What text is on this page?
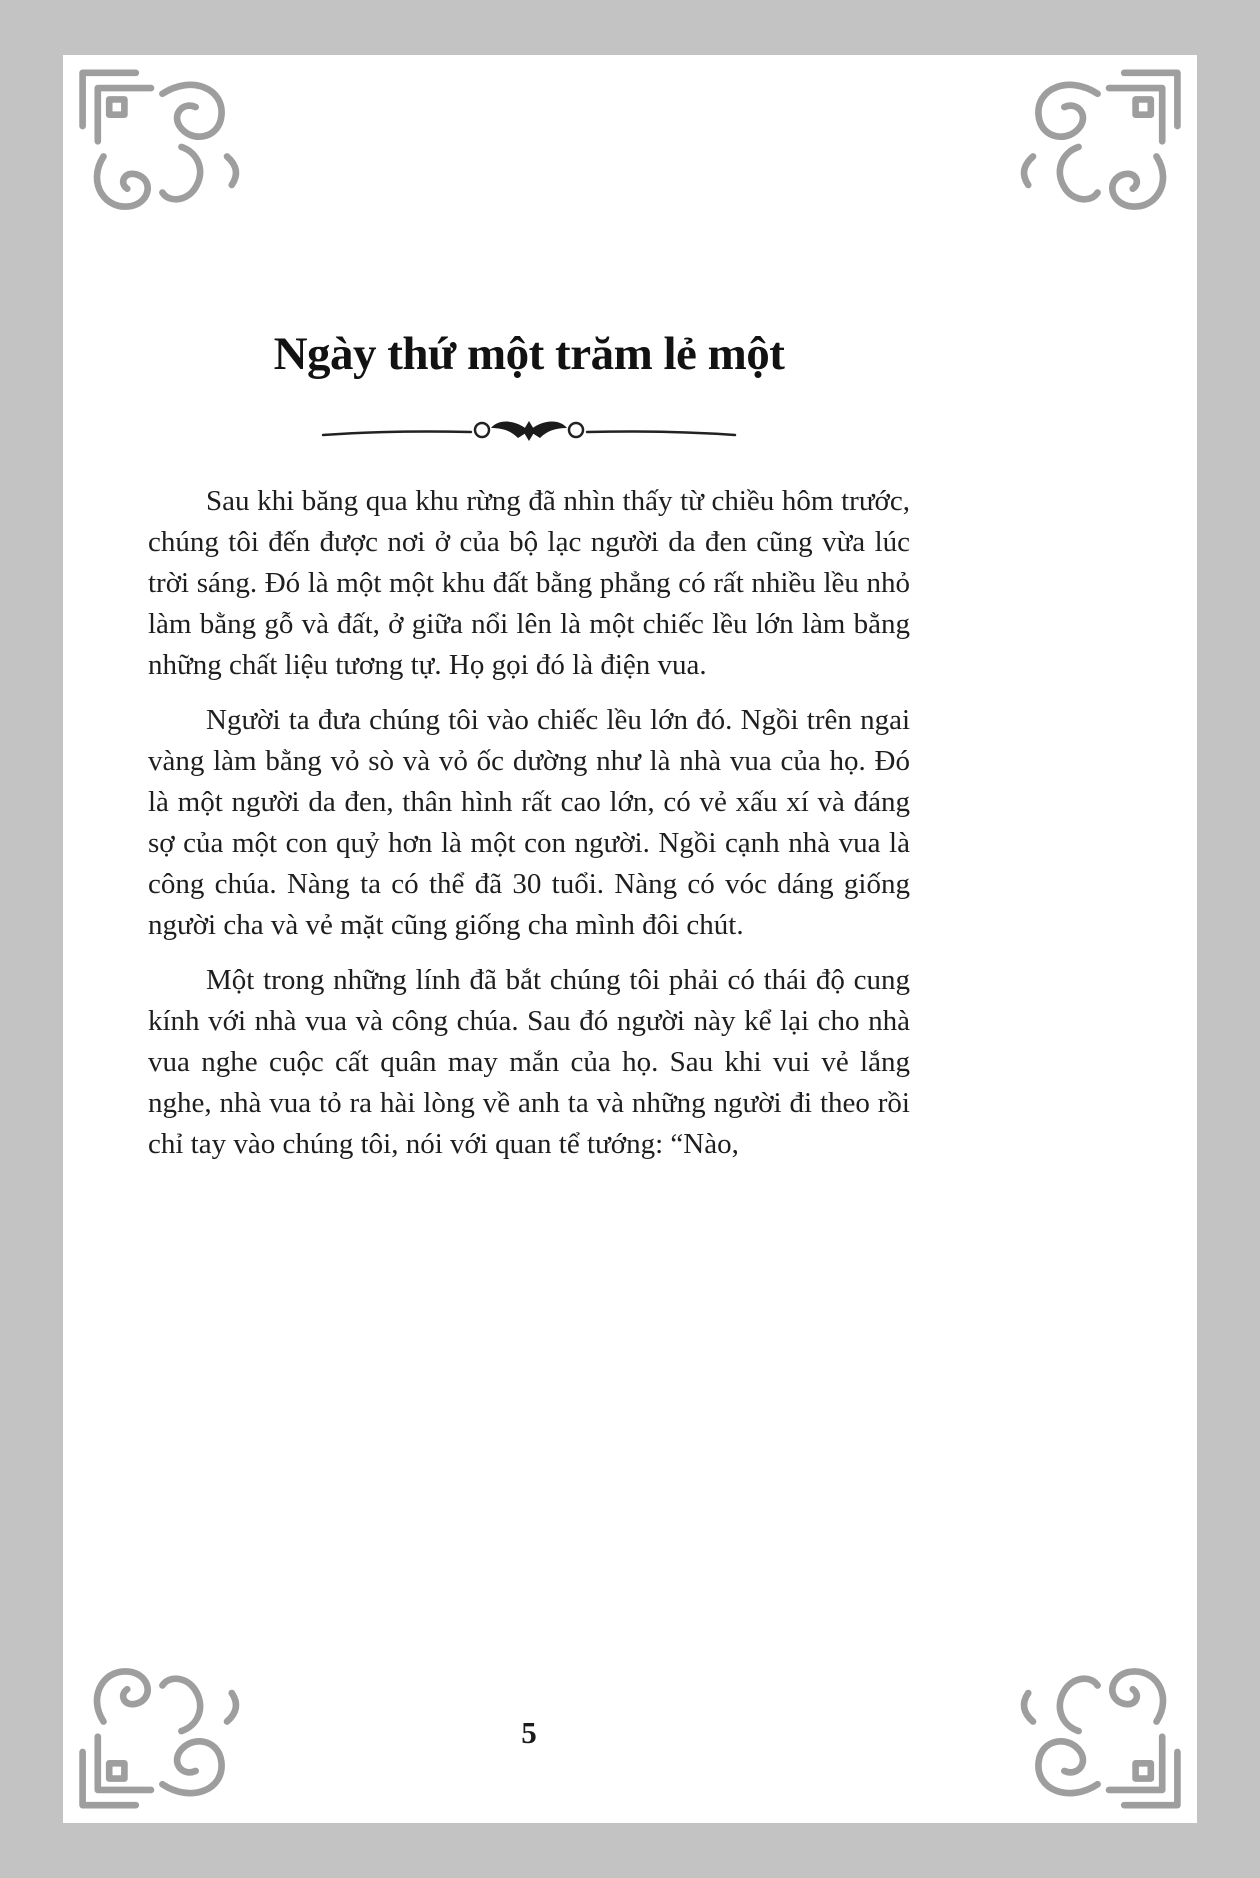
Ngày thứ một trăm lẻ một

Sau khi băng qua khu rừng đã nhìn thấy từ chiều hôm trước, chúng tôi đến được nơi ở của bộ lạc người da đen cũng vừa lúc trời sáng. Đó là một một khu đất bằng phẳng có rất nhiều lều nhỏ làm bằng gỗ và đất, ở giữa nổi lên là một chiếc lều lớn làm bằng những chất liệu tương tự. Họ gọi đó là điện vua.

Người ta đưa chúng tôi vào chiếc lều lớn đó. Ngồi trên ngai vàng làm bằng vỏ sò và vỏ ốc dường như là nhà vua của họ. Đó là một người da đen, thân hình rất cao lớn, có vẻ xấu xí và đáng sợ của một con quỷ hơn là một con người. Ngồi cạnh nhà vua là công chúa. Nàng ta có thể đã 30 tuổi. Nàng có vóc dáng giống người cha và vẻ mặt cũng giống cha mình đôi chút.

Một trong những lính đã bắt chúng tôi phải có thái độ cung kính với nhà vua và công chúa. Sau đó người này kể lại cho nhà vua nghe cuộc cất quân may mắn của họ. Sau khi vui vẻ lắng nghe, nhà vua tỏ ra hài lòng về anh ta và những người đi theo rồi chỉ tay vào chúng tôi, nói với quan tể tướng: “Nào,

5
